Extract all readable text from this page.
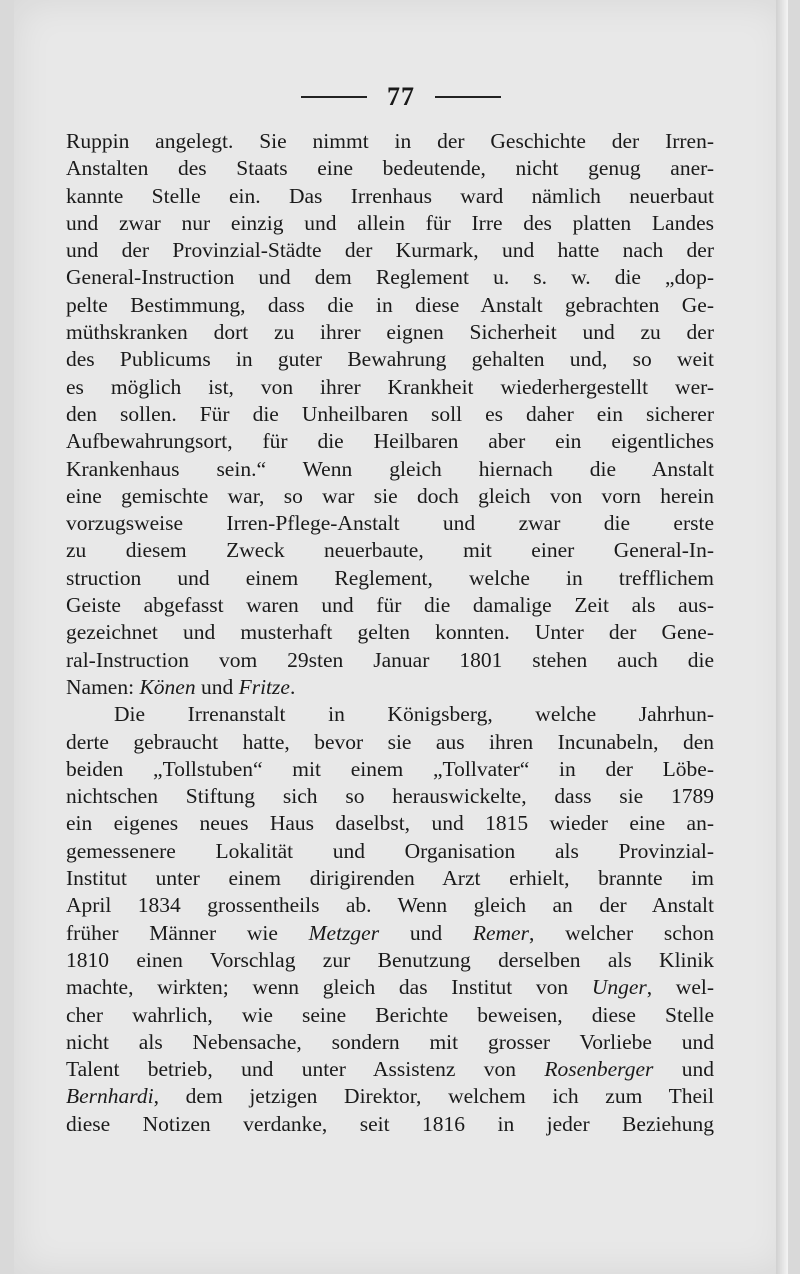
77
Ruppin angelegt. Sie nimmt in der Geschichte der Irren-
Anstalten des Staats eine bedeutende, nicht genug aner-
kannte Stelle ein. Das Irrenhaus ward nämlich neuerbaut
und zwar nur einzig und allein für Irre des platten Landes
und der Provinzial-Städte der Kurmark, und hatte nach der
General-Instruction und dem Reglement u. s. w. die „dop-
pelte Bestimmung, dass die in diese Anstalt gebrachten Ge-
müthskranken dort zu ihrer eignen Sicherheit und zu der
des Publicums in guter Bewahrung gehalten und, so weit
es möglich ist, von ihrer Krankheit wiederhergestellt wer-
den sollen. Für die Unheilbaren soll es daher ein sicherer
Aufbewahrungsort, für die Heilbaren aber ein eigentliches
Krankenhaus sein.“ Wenn gleich hiernach die Anstalt
eine gemischte war, so war sie doch gleich von vorn herein
vorzugsweise Irren-Pflege-Anstalt und zwar die erste
zu diesem Zweck neuerbaute, mit einer General-In-
struction und einem Reglement, welche in trefflichem
Geiste abgefasst waren und für die damalige Zeit als aus-
gezeichnet und musterhaft gelten konnten. Unter der Gene-
ral-Instruction vom 29sten Januar 1801 stehen auch die
Namen: Könen und Fritze.
Die Irrenanstalt in Königsberg, welche Jahrhun-
derte gebraucht hatte, bevor sie aus ihren Incunabeln, den
beiden „Tollstuben“ mit einem „Tollvater“ in der Löbe-
nichtschen Stiftung sich so herauswickelte, dass sie 1789
ein eigenes neues Haus daselbst, und 1815 wieder eine an-
gemessenere Lokalität und Organisation als Provinzial-
Institut unter einem dirigirenden Arzt erhielt, brannte im
April 1834 grossentheils ab. Wenn gleich an der Anstalt
früher Männer wie Metzger und Remer, welcher schon
1810 einen Vorschlag zur Benutzung derselben als Klinik
machte, wirkten; wenn gleich das Institut von Unger, wel-
cher wahrlich, wie seine Berichte beweisen, diese Stelle
nicht als Nebensache, sondern mit grosser Vorliebe und
Talent betrieb, und unter Assistenz von Rosenberger und
Bernhardi, dem jetzigen Direktor, welchem ich zum Theil
diese Notizen verdanke, seit 1816 in jeder Beziehung
